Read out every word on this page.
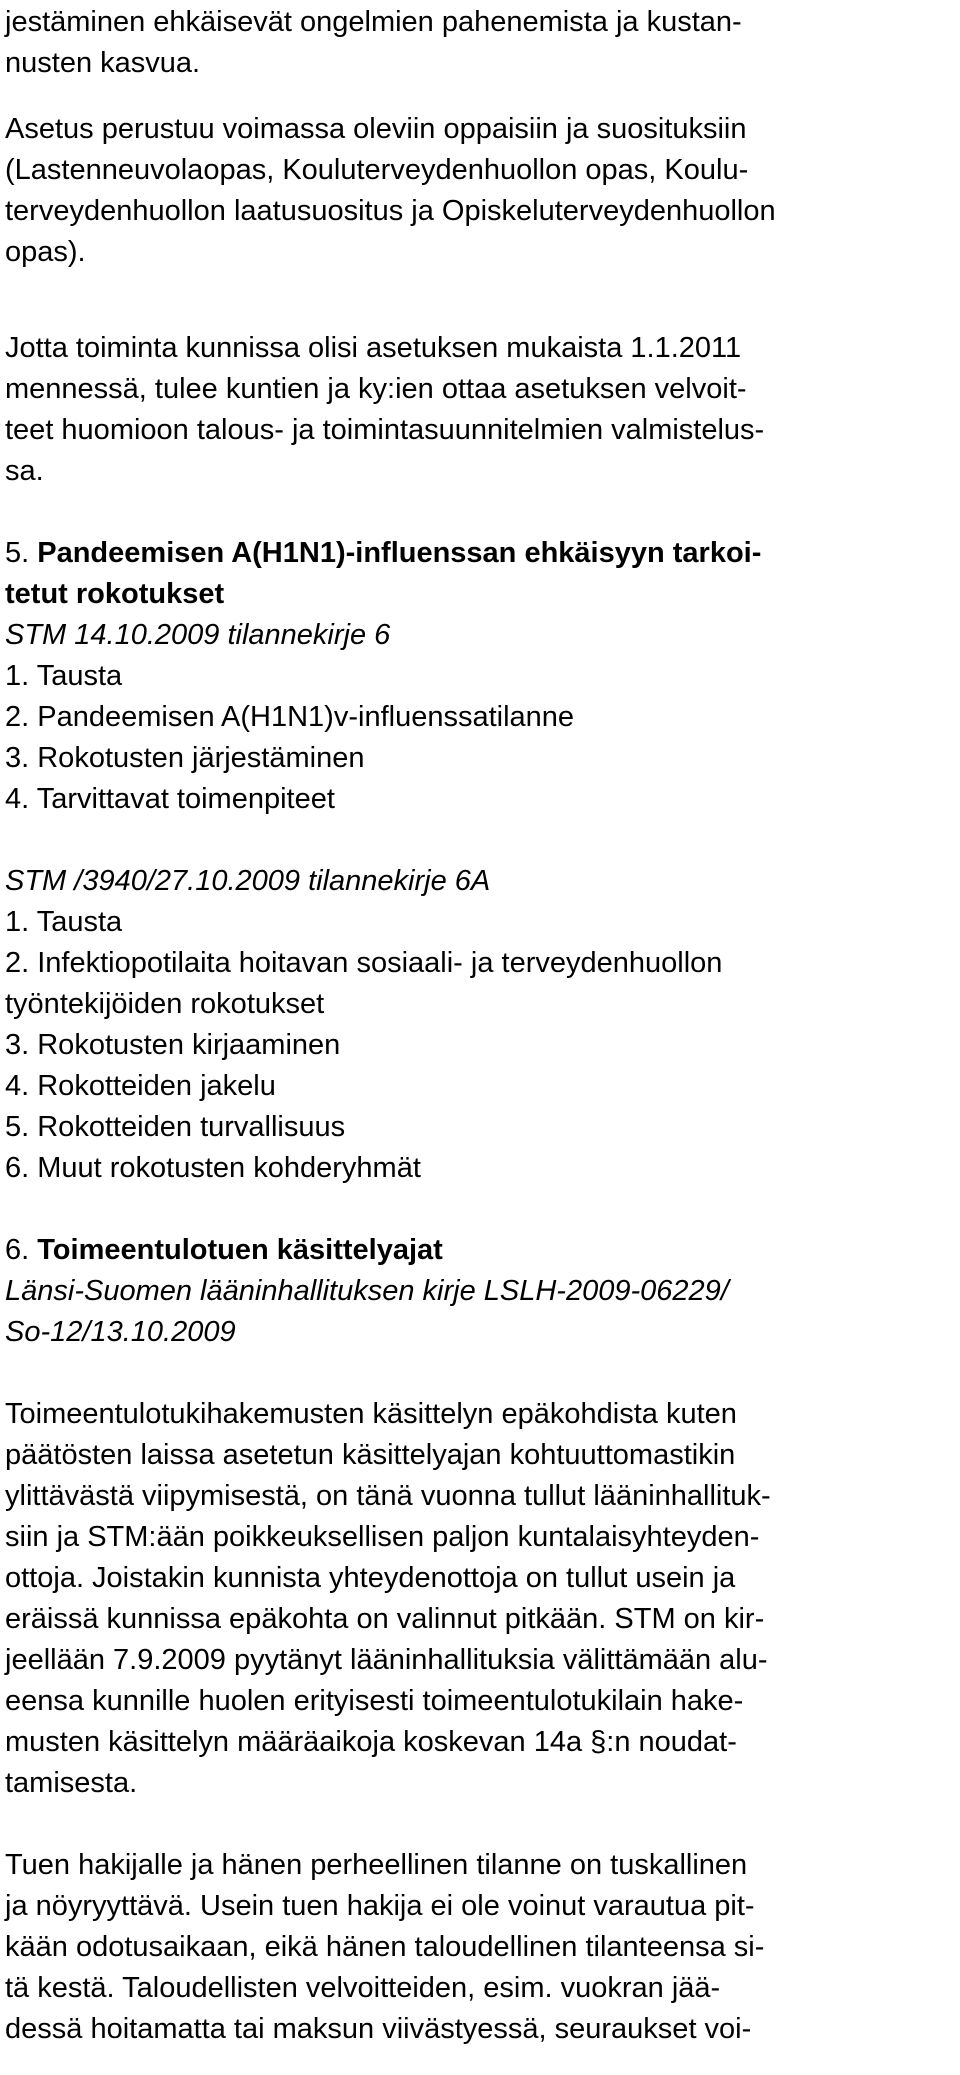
jestäminen ehkäisevät ongelmien pahenemista ja kustan-

nusten kasvua.

Asetus perustuu voimassa oleviin oppaisiin ja suosituksiin

(Lastenneuvolaopas, Kouluterveydenhuollon opas, Koulu-

terveydenhuollon laatusuositus ja Opiskeluterveydenhuollon

opas).

Jotta toiminta kunnissa olisi asetuksen mukaista 1.1.2011

mennessä, tulee kuntien ja ky:ien ottaa asetuksen velvoit-

teet huomioon talous- ja toimintasuunnitelmien valmistelus-

sa.

5. Pandeemisen A(H1N1)-influenssan ehkäisyyn tarkoi-

tetut rokotukset

STM 14.10.2009 tilannekirje 6

1. Tausta

2. Pandeemisen A(H1N1)v-influenssatilanne

3. Rokotusten järjestäminen

4. Tarvittavat toimenpiteet

STM /3940/27.10.2009 tilannekirje 6A

1. Tausta

2. Infektiopotilaita hoitavan sosiaali- ja terveydenhuollon

työntekijöiden rokotukset

3. Rokotusten kirjaaminen

4. Rokotteiden jakelu

5. Rokotteiden turvallisuus

6. Muut rokotusten kohderyhmät

6. Toimeentulotuen käsittelyajat

Länsi-Suomen lääninhallituksen kirje LSLH-2009-06229/

So-12/13.10.2009

Toimeentulotukihakemusten käsittelyn epäkohdista kuten

päätösten laissa asetetun käsittelyajan kohtuuttomastikin

ylittävästä viipymisestä, on tänä vuonna tullut lääninhallituk-

siin ja STM:ään poikkeuksellisen paljon kuntalaisyhteyden-

ottoja. Joistakin kunnista yhteydenottoja on tullut usein ja

eräissä kunnissa epäkohta on valinnut pitkään. STM on kir-

jeellään 7.9.2009 pyytänyt lääninhallituksia välittämään alu-

eensa kunnille huolen erityisesti toimeentulotukilain hake-

musten käsittelyn määräaikoja koskevan 14a §:n noudat-

tamisesta.

Tuen hakijalle ja hänen perheellinen tilanne on tuskallinen

ja nöyryyttävä. Usein tuen hakija ei ole voinut varautua pit-

kään odotusaikaan, eikä hänen taloudellinen tilanteensa si-

tä kestä. Taloudellisten velvoitteiden, esim. vuokran jää-

dessä hoitamatta tai maksun viivästyessä, seuraukset voi-
